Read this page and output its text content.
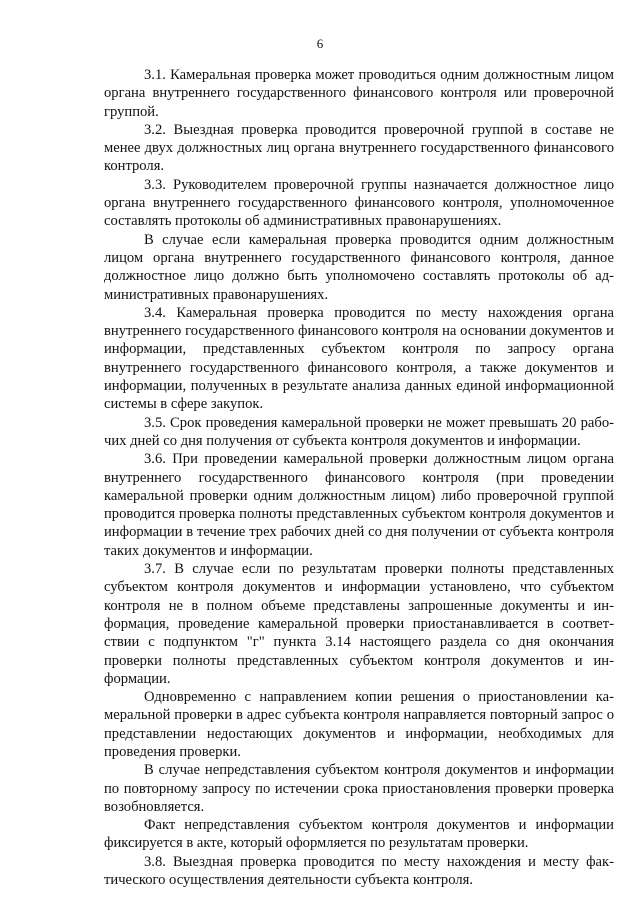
6

3.1. Камеральная проверка может проводиться одним должностным лицом органа внутреннего государственного финансового контроля или проверочной группой.

3.2. Выездная проверка проводится проверочной группой в составе не менее двух должностных лиц органа внутреннего государственного финансового контроля.

3.3. Руководителем проверочной группы назначается должностное лицо органа внутреннего государственного финансового контроля, уполномоченное составлять протоколы об административных правонарушениях.

В случае если камеральная проверка проводится одним должностным лицом органа внутреннего государственного финансового контроля, данное должностное лицо должно быть уполномочено составлять протоколы об административных правонарушениях.

3.4. Камеральная проверка проводится по месту нахождения органа внутреннего государственного финансового контроля на основании документов и информации, представленных субъектом контроля по запросу органа внутреннего государственного финансового контроля, а также документов и информации, полученных в результате анализа данных единой информационной системы в сфере закупок.

3.5. Срок проведения камеральной проверки не может превышать 20 рабочих дней со дня получения от субъекта контроля документов и информации.

3.6. При проведении камеральной проверки должностным лицом органа внутреннего государственного финансового контроля (при проведении камеральной проверки одним должностным лицом) либо проверочной группой проводится проверка полноты представленных субъектом контроля документов и информации в течение трех рабочих дней со дня получении от субъекта контроля таких документов и информации.

3.7. В случае если по результатам проверки полноты представленных субъектом контроля документов и информации установлено, что субъектом контроля не в полном объеме представлены запрошенные документы и информация, проведение камеральной проверки приостанавливается в соответствии с подпунктом "г" пункта 3.14 настоящего раздела со дня окончания проверки полноты представленных субъектом контроля документов и информации.

Одновременно с направлением копии решения о приостановлении камеральной проверки в адрес субъекта контроля направляется повторный запрос о представлении недостающих документов и информации, необходимых для проведения проверки.

В случае непредставления субъектом контроля документов и информации по повторному запросу по истечении срока приостановления проверки проверка возобновляется.

Факт непредставления субъектом контроля документов и информации фиксируется в акте, который оформляется по результатам проверки.

3.8. Выездная проверка проводится по месту нахождения и месту фактического осуществления деятельности субъекта контроля.
